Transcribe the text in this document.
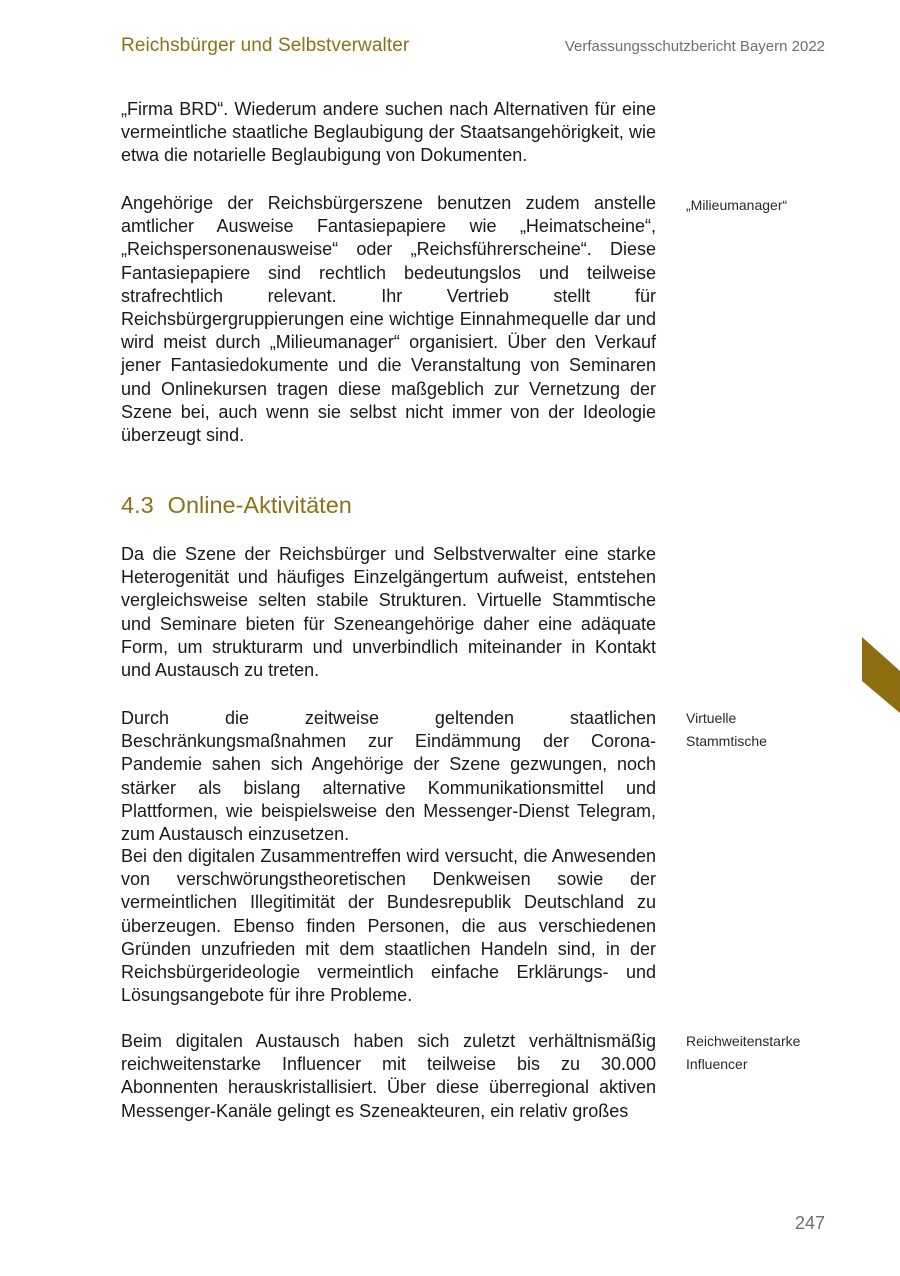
Reichsbürger und Selbstverwalter	Verfassungsschutzbericht Bayern 2022

„Firma BRD“. Wiederum andere suchen nach Alternativen für eine vermeintliche staatliche Beglaubigung der Staatsangehörigkeit, wie etwa die notarielle Beglaubigung von Dokumenten.

Angehörige der Reichsbürgerszene benutzen zudem anstelle amtlicher Ausweise Fantasiepapiere wie „Heimatscheine“, „Reichspersonenausweise“ oder „Reichsführerscheine“. Diese Fantasiepapiere sind rechtlich bedeutungslos und teilweise strafrechtlich relevant. Ihr Vertrieb stellt für Reichsbürgergruppierungen eine wichtige Einnahmequelle dar und wird meist durch „Milieumanager“ organisiert. Über den Verkauf jener Fantasiedokumente und die Veranstaltung von Seminaren und Onlinekursen tragen diese maßgeblich zur Vernetzung der Szene bei, auch wenn sie selbst nicht immer von der Ideologie überzeugt sind.

4.3 Online-Aktivitäten

Da die Szene der Reichsbürger und Selbstverwalter eine starke Heterogenität und häufiges Einzelgängertum aufweist, entstehen vergleichsweise selten stabile Strukturen. Virtuelle Stammtische und Seminare bieten für Szeneangehörige daher eine adäquate Form, um strukturarm und unverbindlich miteinander in Kontakt und Austausch zu treten.

Durch die zeitweise geltenden staatlichen Beschränkungsmaßnahmen zur Eindämmung der Corona-Pandemie sahen sich Angehörige der Szene gezwungen, noch stärker als bislang alternative Kommunikationsmittel und Plattformen, wie beispielsweise den Messenger-Dienst Telegram, zum Austausch einzusetzen.

Bei den digitalen Zusammentreffen wird versucht, die Anwesenden von verschwörungstheoretischen Denkweisen sowie der vermeintlichen Illegitimität der Bundesrepublik Deutschland zu überzeugen. Ebenso finden Personen, die aus verschiedenen Gründen unzufrieden mit dem staatlichen Handeln sind, in der Reichsbürgerideologie vermeintlich einfache Erklärungs- und Lösungsangebote für ihre Probleme.

Beim digitalen Austausch haben sich zuletzt verhältnismäßig reichweitenstarke Influencer mit teilweise bis zu 30.000 Abonnenten herauskristallisiert. Über diese überregional aktiven Messenger-Kanäle gelingt es Szeneakteuren, ein relativ großes

„Milieumanager“
Virtuelle Stammtische
Reichweitenstarke Influencer
247
